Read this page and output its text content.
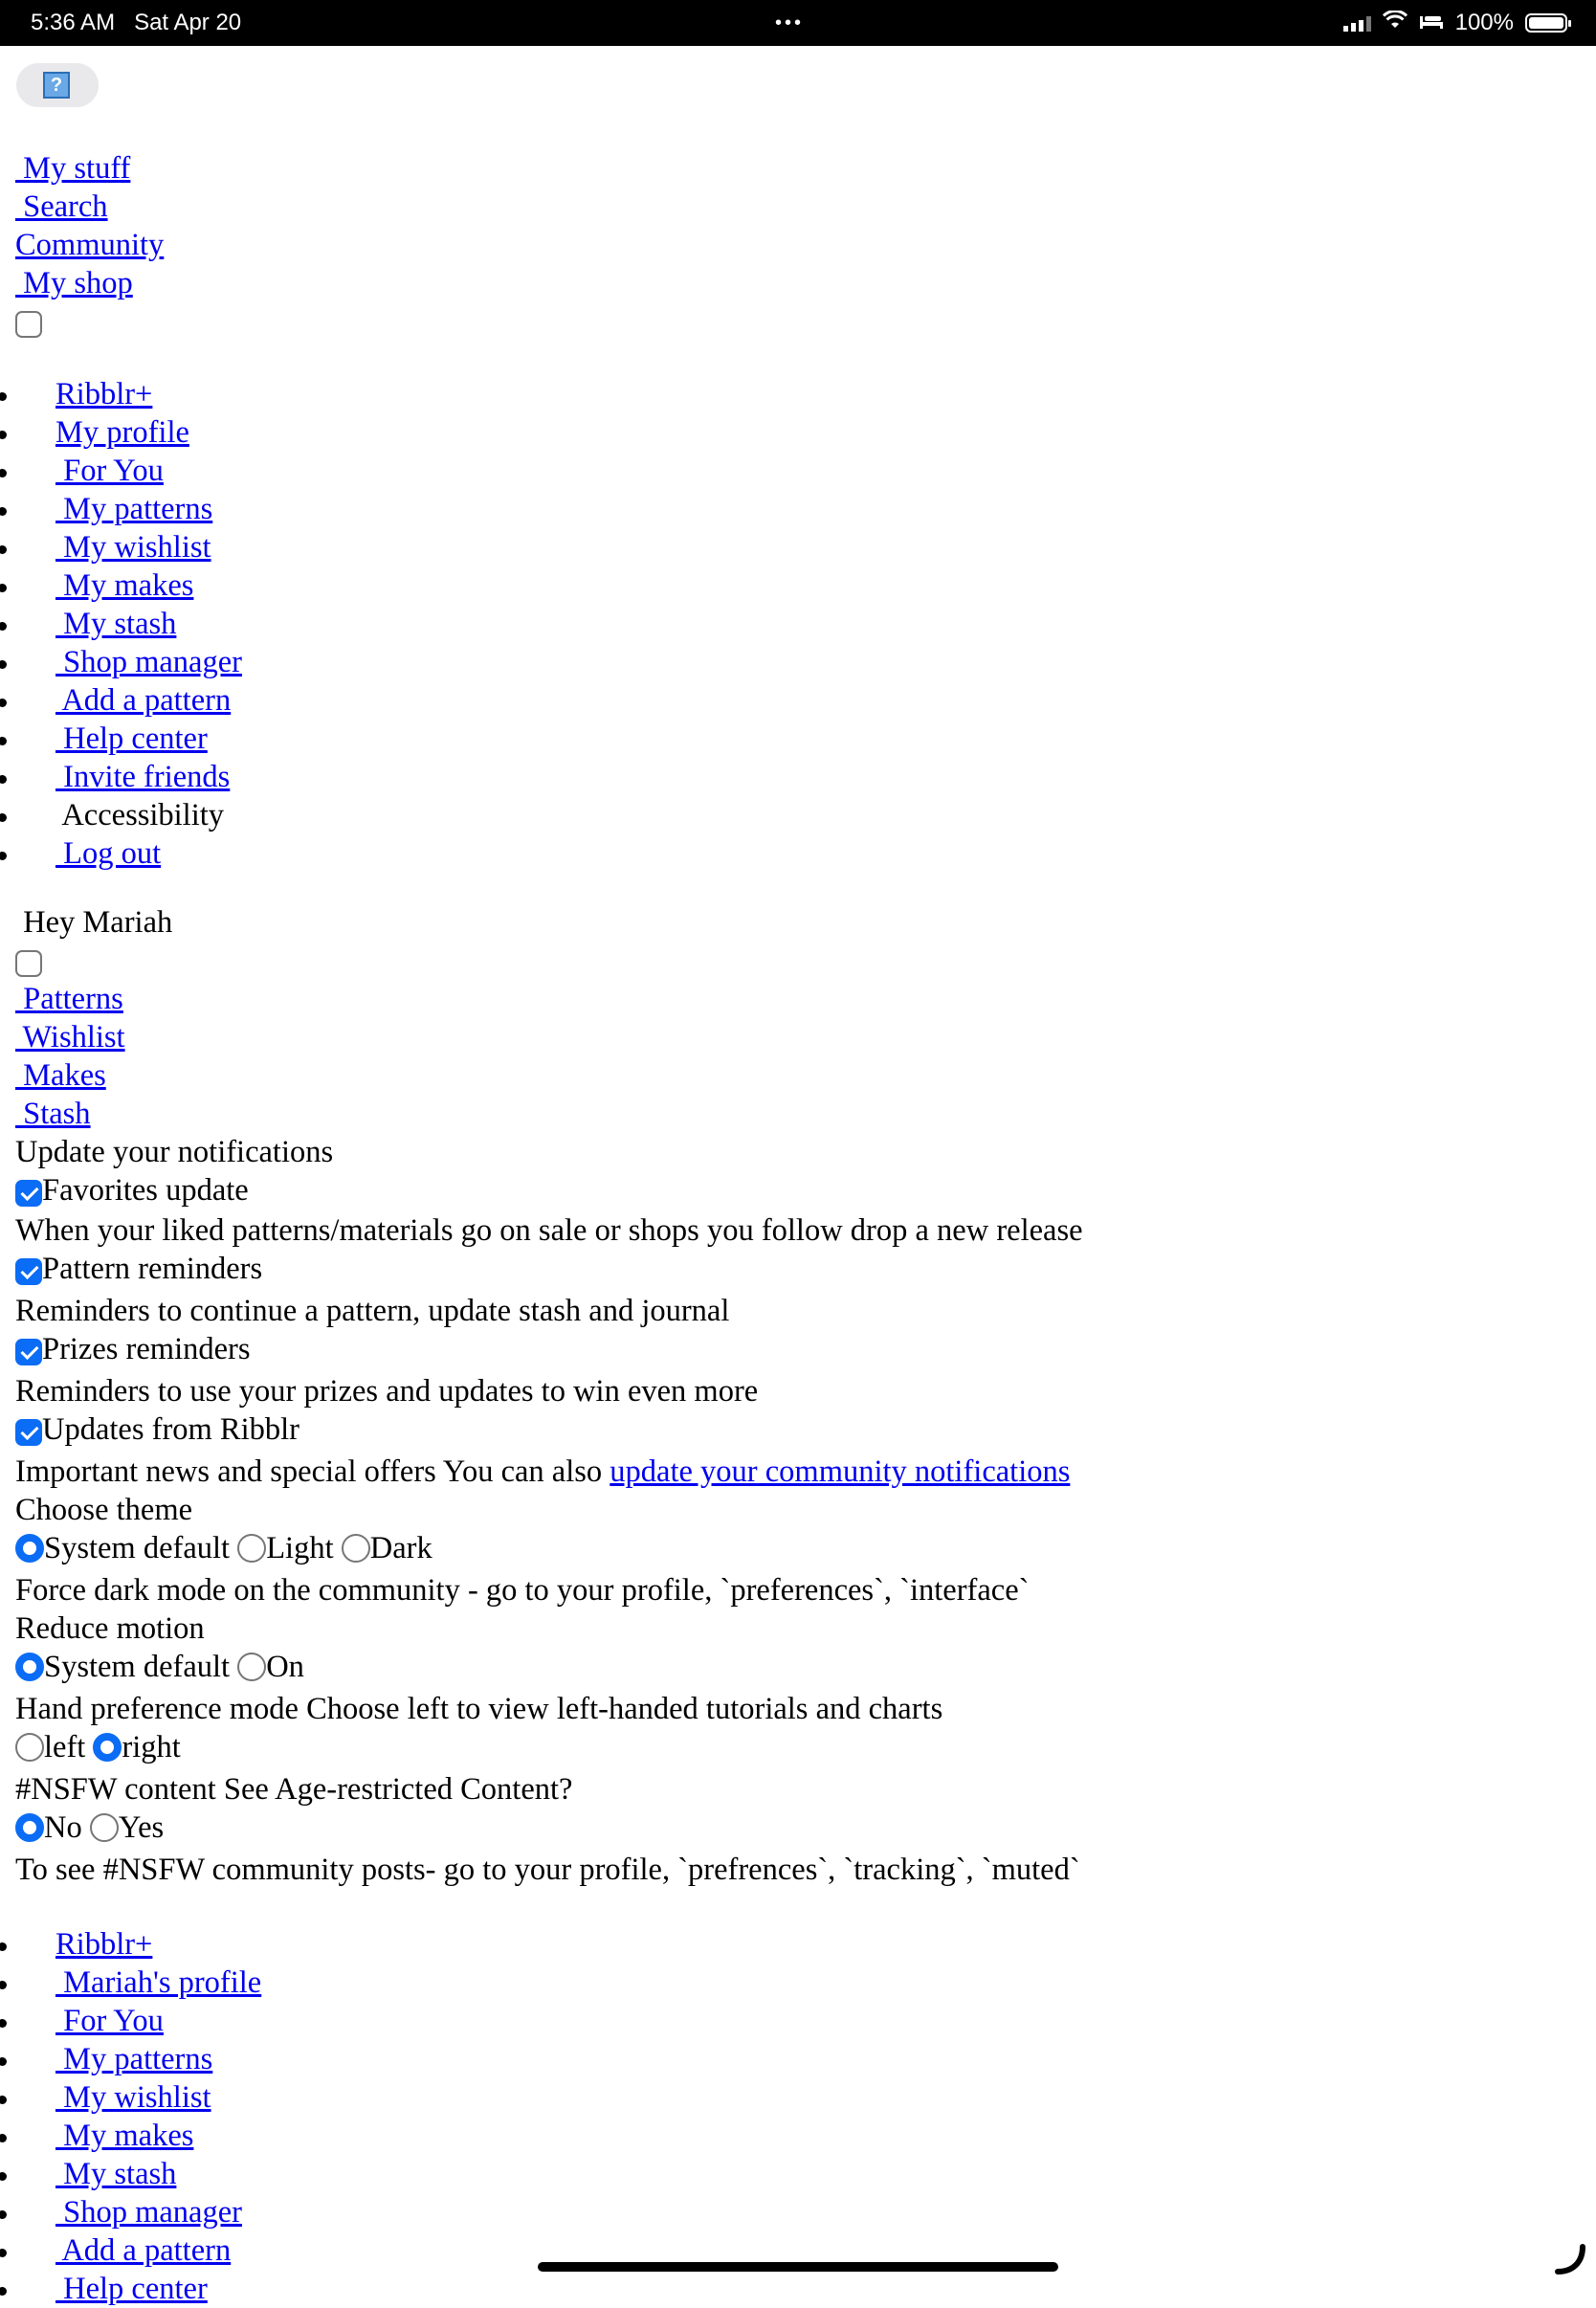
5:36 AM Sat Apr 20	•••	100%
?
My stuff
Search
Community
My shop
Ribblr+
My profile
For You
My patterns
My wishlist
My makes
My stash
Shop manager
Add a pattern
Help center
Invite friends
Accessibility
Log out
Hey Mariah
Patterns
Wishlist
Makes
Stash
Update your notifications
Favorites update
When your liked patterns/materials go on sale or shops you follow drop a new release
Pattern reminders
Reminders to continue a pattern, update stash and journal
Prizes reminders
Reminders to use your prizes and updates to win even more
Updates from Ribblr
Important news and special offers You can also update your community notifications
Choose theme
System default Light Dark
Force dark mode on the community - go to your profile, `preferences`, `interface`
Reduce motion
System default On
Hand preference mode Choose left to view left-handed tutorials and charts
left right
#NSFW content See Age-restricted Content?
No Yes
To see #NSFW community posts- go to your profile, `prefrences`, `tracking`, `muted`
Ribblr+
Mariah's profile
For You
My patterns
My wishlist
My makes
My stash
Shop manager
Add a pattern
Help center
